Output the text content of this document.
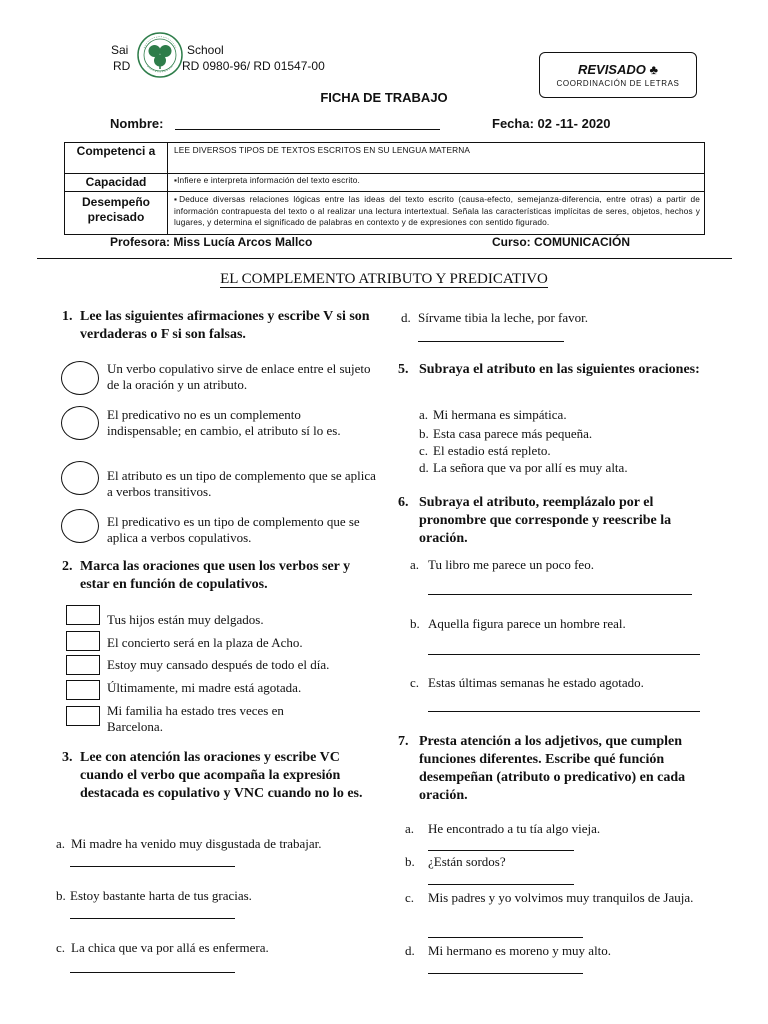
Sai	School
RD	RD 0980-96/ RD 01547-00	REVISADO ♣
COORDINACIÓN DE LETRAS
FICHA DE TRABAJO
Nombre:	Fecha: 02 -11- 2020
Competenci a	LEE DIVERSOS TIPOS DE TEXTOS ESCRITOS EN SU LENGUA MATERNA
Capacidad	▪Infiere e interpreta información del texto escrito.
Desempeño precisado	▪Deduce diversas relaciones lógicas entre las ideas del texto escrito (causa-efecto, semejanza-diferencia, entre otras) a partir de información contrapuesta del texto o al realizar una lectura intertextual. Señala las características implícitas de seres, objetos, hechos y lugares, y determina el significado de palabras en contexto y de expresiones con sentido figurado.
Profesora: Miss Lucía Arcos Mallco	Curso: COMUNICACIÓN
EL COMPLEMENTO ATRIBUTO Y PREDICATIVO
1. Lee las siguientes afirmaciones y escribe V si son verdaderas o F si son falsas.
Un verbo copulativo sirve de enlace entre el sujeto de la oración y un atributo.
El predicativo no es un complemento indispensable; en cambio, el atributo sí lo es.
El atributo es un tipo de complemento que se aplica a verbos transitivos.
El predicativo es un tipo de complemento que se aplica a verbos copulativos.
2. Marca las oraciones que usen los verbos ser y estar en función de copulativos.
Tus hijos están muy delgados.
El concierto será en la plaza de Acho.
Estoy muy cansado después de todo el día.
Últimamente, mi madre está agotada.
Mi familia ha estado tres veces en Barcelona.
3. Lee con atención las oraciones y escribe VC cuando el verbo que acompaña la expresión destacada es copulativo y VNC cuando no lo es.
a. Mi madre ha venido muy disgustada de trabajar.
b. Estoy bastante harta de tus gracias.
c. La chica que va por allá es enfermera.
d. Sírvame tibia la leche, por favor.
5. Subraya el atributo en las siguientes oraciones:
a. Mi hermana es simpática.
b. Esta casa parece más pequeña.
c. El estadio está repleto.
d. La señora que va por allí es muy alta.
6. Subraya el atributo, reemplázalo por el pronombre que corresponde y reescribe la oración.
a. Tu libro me parece un poco feo.
b. Aquella figura parece un hombre real.
c. Estas últimas semanas he estado agotado.
7. Presta atención a los adjetivos, que cumplen funciones diferentes. Escribe qué función desempeñan (atributo o predicativo) en cada oración.
a. He encontrado a tu tía algo vieja.
b. ¿Están sordos?
c. Mis padres y yo volvimos muy tranquilos de Jauja.
d. Mi hermano es moreno y muy alto.
